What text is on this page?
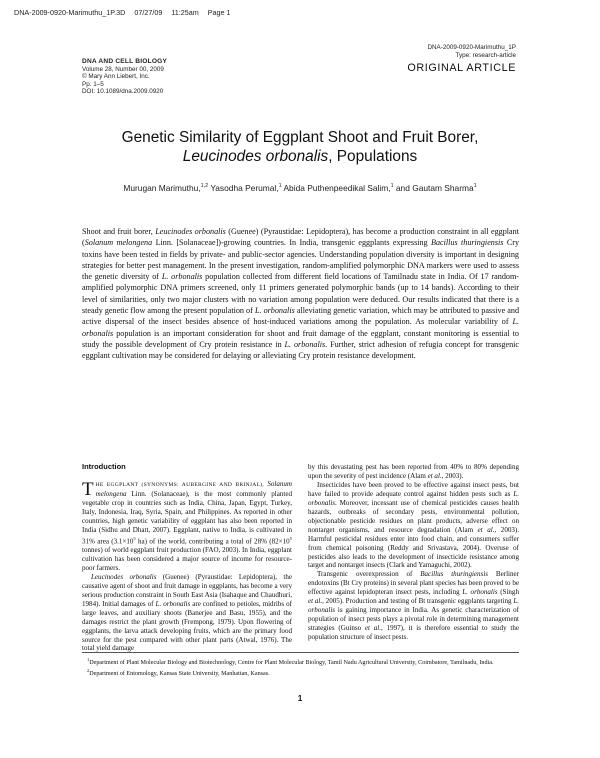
DNA-2009-0920-Marimuthu_1P.3D 07/27/09 11:25am Page 1
DNA AND CELL BIOLOGY
Volume 28, Number 00, 2009
© Mary Ann Liebert, Inc.
Pp. 1–5
DOI: 10.1089/dna.2009.0920
DNA-2009-0920-Marimuthu_1P
Type: research-article
ORIGINAL ARTICLE
Genetic Similarity of Eggplant Shoot and Fruit Borer,
Leucinodes orbonalis, Populations
Murugan Marimuthu,$^{1,2}$ Yasodha Perumal,$^1$ Abida Puthenpeedikal Salim,$^1$ and Gautam Sharma$^1$
Shoot and fruit borer, Leucinodes orbonalis (Guenee) (Pyraustidae: Lepidoptera), has become a production constraint in all eggplant (Solanum melongena Linn. [Solanaceae])-growing countries. In India, transgenic eggplants expressing Bacillus thuringiensis Cry toxins have been tested in fields by private- and public-sector agencies. Understanding population diversity is important in designing strategies for better pest management. In the present investigation, random-amplified polymorphic DNA markers were used to assess the genetic diversity of L. orbonalis population collected from different field locations of Tamilnadu state in India. Of 17 random-amplified polymorphic DNA primers screened, only 11 primers generated polymorphic bands (up to 14 bands). According to their level of similarities, only two major clusters with no variation among population were deduced. Our results indicated that there is a steady genetic flow among the present population of L. orbonalis alleviating genetic variation, which may be attributed to passive and active dispersal of the insect besides absence of host-induced variations among the population. As molecular variability of L. orbonalis population is an important consideration for shoot and fruit damage of the eggplant, constant monitoring is essential to study the possible development of Cry protein resistance in L. orbonalis. Further, strict adhesion of refugia concept for transgenic eggplant cultivation may be considered for delaying or alleviating Cry protein resistance development.
Introduction

THE EGGPLANT (SYNONYMS: AUBERGINE AND BRINJAL), Solanum melongena Linn. (Solanaceae), is the most commonly planted vegetable crop in countries such as India, China, Japan, Egypt, Turkey, Italy, Indonesia, Iraq, Syria, Spain, and Philippines. As reported in other countries, high genetic variability of eggplant has also been reported in India (Sidhu and Dhatt, 2007). Eggplant, native to India, is cultivated in 31% area ($3.1\times 10^5$ ha) of the world, contributing a total of 28% ($82\times 10^5$ tonnes) of world eggplant fruit production (FAO, 2003). In India, eggplant cultivation has been considered a major source of income for resource-poor farmers.

Leucinodes orbonalis (Guenee) (Pyraustidae: Lepidoptera), the causative agent of shoot and fruit damage in eggplants, has become a very serious production constraint in South East Asia (Isahaque and Chaudhuri, 1984). Initial damages of L. orbonalis are confined to petioles, midribs of large leaves, and auxiliary shoots (Banerjee and Basu, 1955), and the damages restrict the plant growth (Frempong, 1979). Upon flowering of eggplants, the larva attack developing fruits, which are the primary food source for the pest compared with other plant parts (Atwal, 1976). The total yield damage

by this devastating pest has been reported from 40% to 80% depending upon the severity of pest incidence (Alam et al., 2003).

Insecticides have been proved to be effective against insect pests, but have failed to provide adequate control against hidden pests such as L. orbonalis. Moreover, incessant use of chemical pesticides causes health hazards, outbreaks of secondary pests, environmental pollution, objectionable pesticide residues on plant products, adverse effect on nontarget organisms, and resource degradation (Alam et al., 2003). Harmful pesticidal residues enter into food chain, and consumers suffer from chemical poisoning (Reddy and Srivastava, 2004). Overuse of pesticides also leads to the development of insecticide resistance among target and nontarget insects (Clark and Yamaguchi, 2002).

Transgenic overexpression of Bacillus thuringiensis Berliner endotoxins (Bt Cry proteins) in several plant species has been proved to be effective against lepidopteran insect pests, including L. orbonalis (Singh et al., 2005). Production and testing of Bt transgenic eggplants targeting L. orbonalis is gaining importance in India. As genetic characterization of population of insect pests plays a pivotal role in determining management strategies (Guinso et al., 1997), it is therefore essential to study the population structure of insect pests.

$^1$Department of Plant Molecular Biology and Biotechnology, Centre for Plant Molecular Biology, Tamil Nadu Agricultural University, Coimbatore, Tamilnadu, India.

$^2$Department of Entomology, Kansas State University, Manhattan, Kansas.

1
